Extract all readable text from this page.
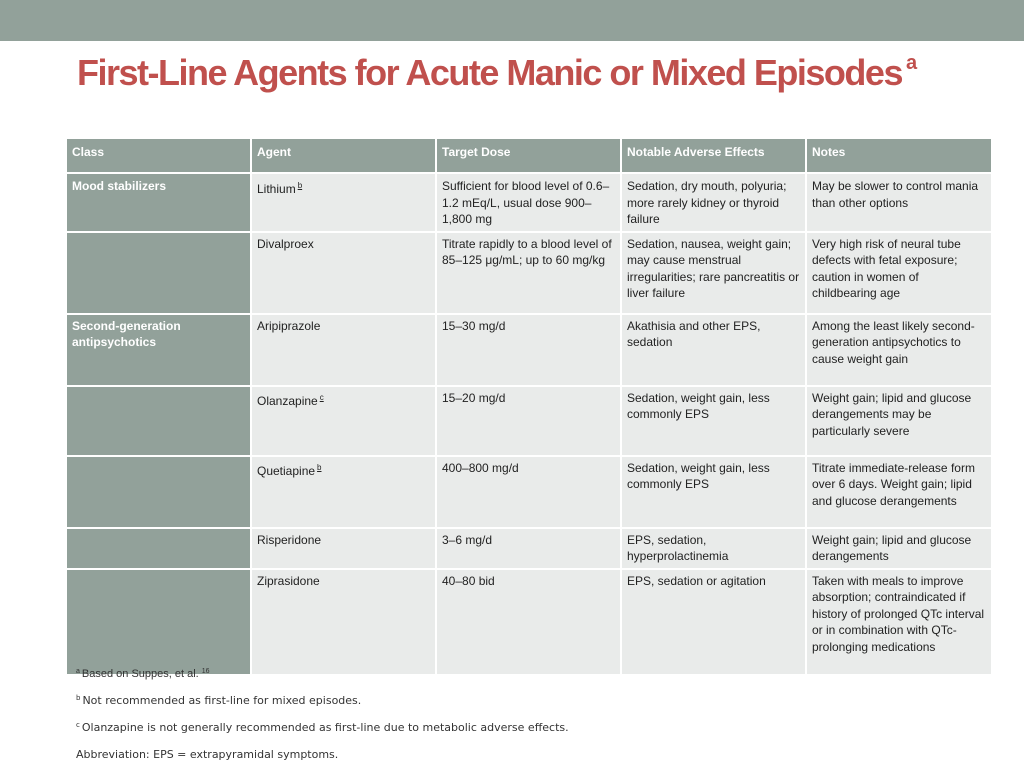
First-Line Agents for Acute Manic or Mixed Episodes $^a$
Class	Agent	Target Dose	Notable Adverse Effects	Notes
Mood stabilizers	Lithium $^b$	Sufficient for blood level of 0.6–1.2 mEq/L, usual dose 900–1,800 mg	Sedation, dry mouth, polyuria; more rarely kidney or thyroid failure	May be slower to control mania than other options
	Divalproex	Titrate rapidly to a blood level of 85–125 μg/mL; up to 60 mg/kg	Sedation, nausea, weight gain; may cause menstrual irregularities; rare pancreatitis or liver failure	Very high risk of neural tube defects with fetal exposure; caution in women of childbearing age
Second-generation antipsychotics	Aripiprazole	15–30 mg/d	Akathisia and other EPS, sedation	Among the least likely second-generation antipsychotics to cause weight gain
	Olanzapine $^c$	15–20 mg/d	Sedation, weight gain, less commonly EPS	Weight gain; lipid and glucose derangements may be particularly severe
	Quetiapine $^b$	400–800 mg/d	Sedation, weight gain, less commonly EPS	Titrate immediate-release form over 6 days. Weight gain; lipid and glucose derangements
	Risperidone	3–6 mg/d	EPS, sedation, hyperprolactinemia	Weight gain; lipid and glucose derangements
	Ziprasidone	40–80 bid	EPS, sedation or agitation	Taken with meals to improve absorption; contraindicated if history of prolonged QTc interval or in combination with QTc-prolonging medications
$^a$ Based on Suppes, et al. $^{16}$
$^b$ Not recommended as first-line for mixed episodes.
$^c$ Olanzapine is not generally recommended as first-line due to metabolic adverse effects.
Abbreviation: EPS = extrapyramidal symptoms.
